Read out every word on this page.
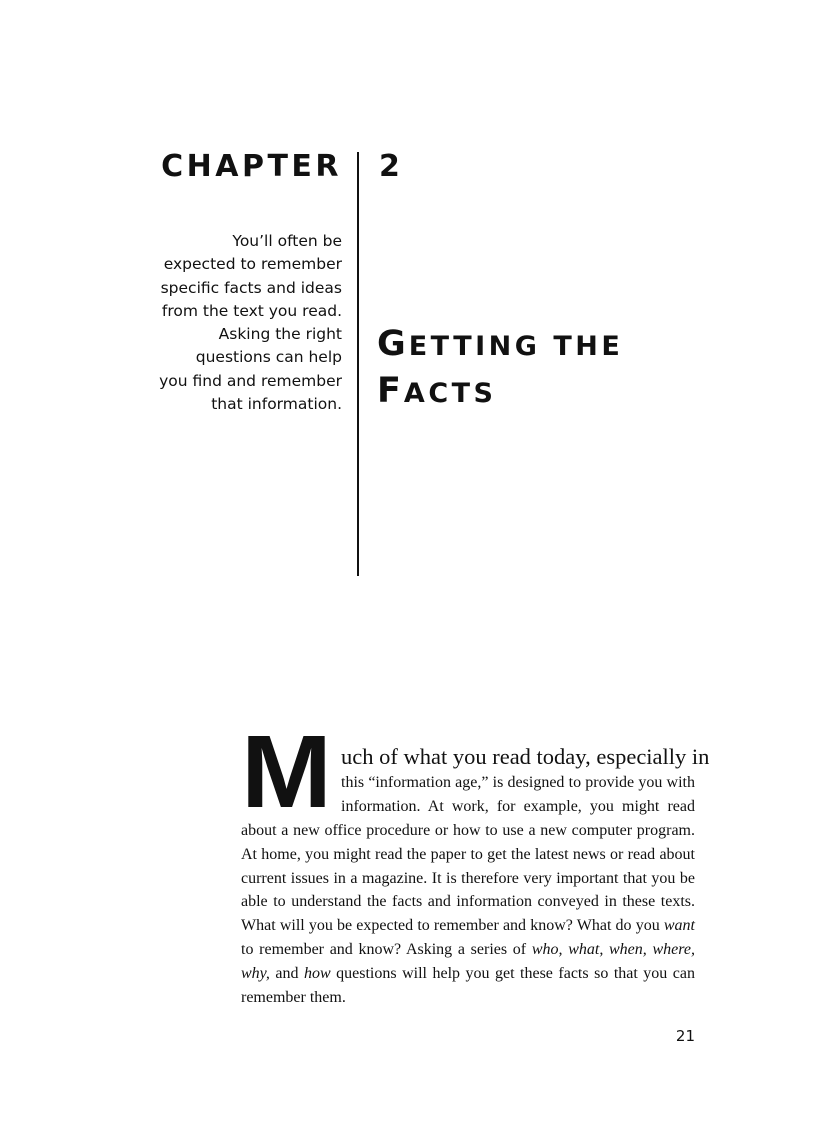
CHAPTER 2
You’ll often be
expected to remember
specific facts and ideas
from the text you read.
Asking the right
questions can help
you find and remember
that information.
GETTING THE
FACTS
M uch of what you read today, especially in
this “information age,” is designed to provide you with
information. At work, for example, you might read
about a new office procedure or how to use a new computer program.
At home, you might read the paper to get the latest news or read about
current issues in a magazine. It is therefore very important that you be
able to understand the facts and information conveyed in these texts.
What will you be expected to remember and know? What do you want
to remember and know? Asking a series of who, what, when, where,
why, and how questions will help you get these facts so that you can
remember them.
21
